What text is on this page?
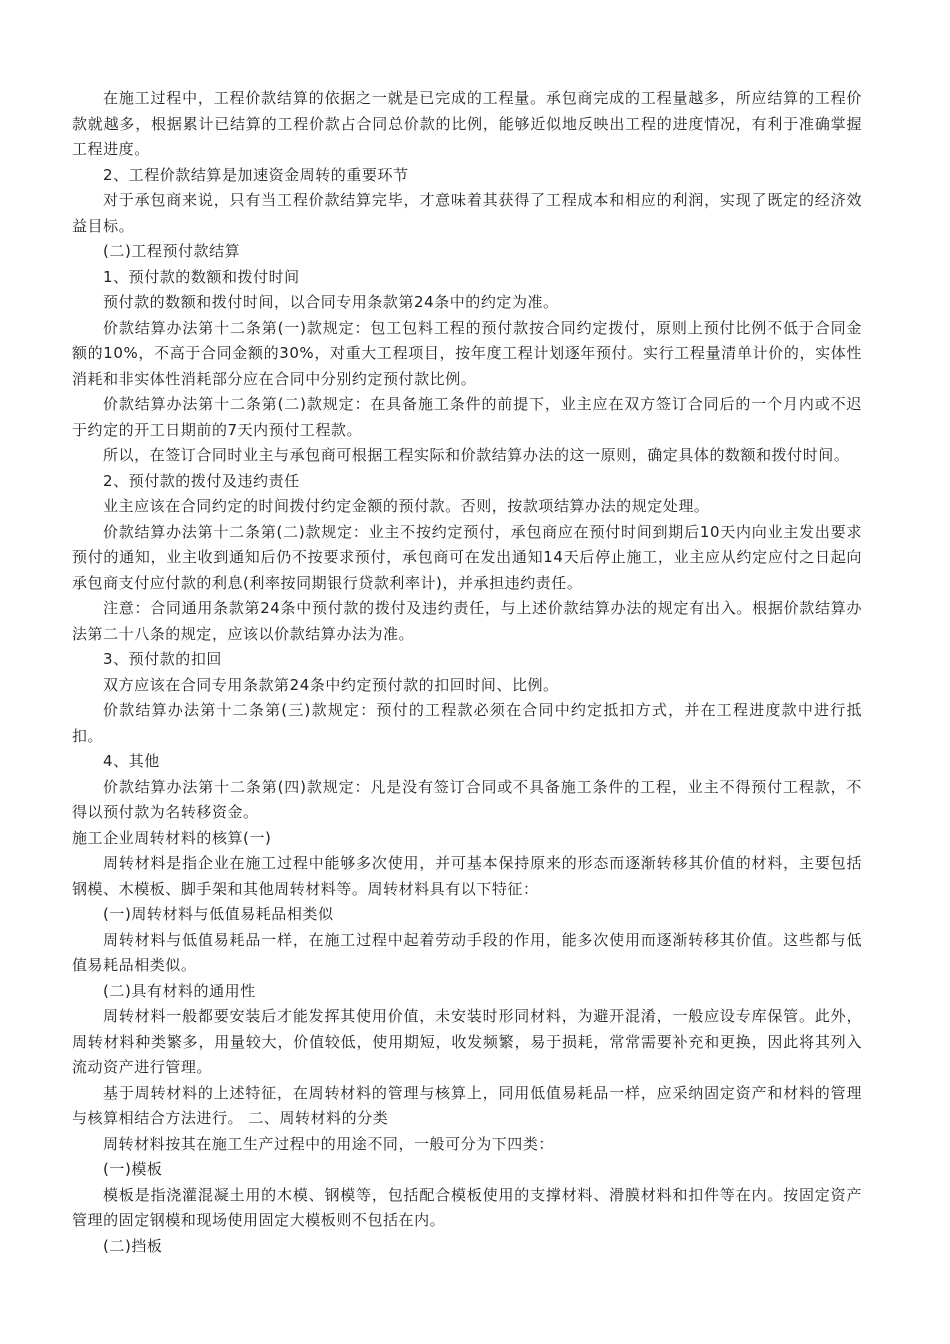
在施工过程中，工程价款结算的依据之一就是已完成的工程量。承包商完成的工程量越多，所应结算的工程价款就越多，根据累计已结算的工程价款占合同总价款的比例，能够近似地反映出工程的进度情况，有利于准确掌握工程进度。

2、工程价款结算是加速资金周转的重要环节

对于承包商来说，只有当工程价款结算完毕，才意味着其获得了工程成本和相应的利润，实现了既定的经济效益目标。

(二)工程预付款结算

1、预付款的数额和拨付时间

预付款的数额和拨付时间，以合同专用条款第24条中的约定为准。

价款结算办法第十二条第(一)款规定：包工包料工程的预付款按合同约定拨付，原则上预付比例不低于合同金额的10%，不高于合同金额的30%，对重大工程项目，按年度工程计划逐年预付。实行工程量清单计价的，实体性消耗和非实体性消耗部分应在合同中分别约定预付款比例。

价款结算办法第十二条第(二)款规定：在具备施工条件的前提下，业主应在双方签订合同后的一个月内或不迟于约定的开工日期前的7天内预付工程款。

所以，在签订合同时业主与承包商可根据工程实际和价款结算办法的这一原则，确定具体的数额和拨付时间。

2、预付款的拨付及违约责任

业主应该在合同约定的时间拨付约定金额的预付款。否则，按款项结算办法的规定处理。

价款结算办法第十二条第(二)款规定：业主不按约定预付，承包商应在预付时间到期后10天内向业主发出要求预付的通知，业主收到通知后仍不按要求预付，承包商可在发出通知14天后停止施工，业主应从约定应付之日起向承包商支付应付款的利息(利率按同期银行贷款利率计)，并承担违约责任。

注意：合同通用条款第24条中预付款的拨付及违约责任，与上述价款结算办法的规定有出入。根据价款结算办法第二十八条的规定，应该以价款结算办法为准。

3、预付款的扣回

双方应该在合同专用条款第24条中约定预付款的扣回时间、比例。

价款结算办法第十二条第(三)款规定：预付的工程款必须在合同中约定抵扣方式，并在工程进度款中进行抵扣。

4、其他

价款结算办法第十二条第(四)款规定：凡是没有签订合同或不具备施工条件的工程，业主不得预付工程款，不得以预付款为名转移资金。

施工企业周转材料的核算(一)

周转材料是指企业在施工过程中能够多次使用，并可基本保持原来的形态而逐渐转移其价值的材料，主要包括钢模、木模板、脚手架和其他周转材料等。周转材料具有以下特征：

(一)周转材料与低值易耗品相类似

周转材料与低值易耗品一样，在施工过程中起着劳动手段的作用，能多次使用而逐渐转移其价值。这些都与低值易耗品相类似。

(二)具有材料的通用性

周转材料一般都要安装后才能发挥其使用价值，未安装时形同材料，为避开混淆，一般应设专库保管。此外，周转材料种类繁多，用量较大，价值较低，使用期短，收发频繁，易于损耗，常常需要补充和更换，因此将其列入流动资产进行管理。

基于周转材料的上述特征，在周转材料的管理与核算上，同用低值易耗品一样，应采纳固定资产和材料的管理与核算相结合方法进行。 二、周转材料的分类

周转材料按其在施工生产过程中的用途不同，一般可分为下四类：

(一)模板

模板是指浇灌混凝土用的木模、钢模等，包括配合模板使用的支撑材料、滑膜材料和扣件等在内。按固定资产管理的固定钢模和现场使用固定大模板则不包括在内。

(二)挡板
